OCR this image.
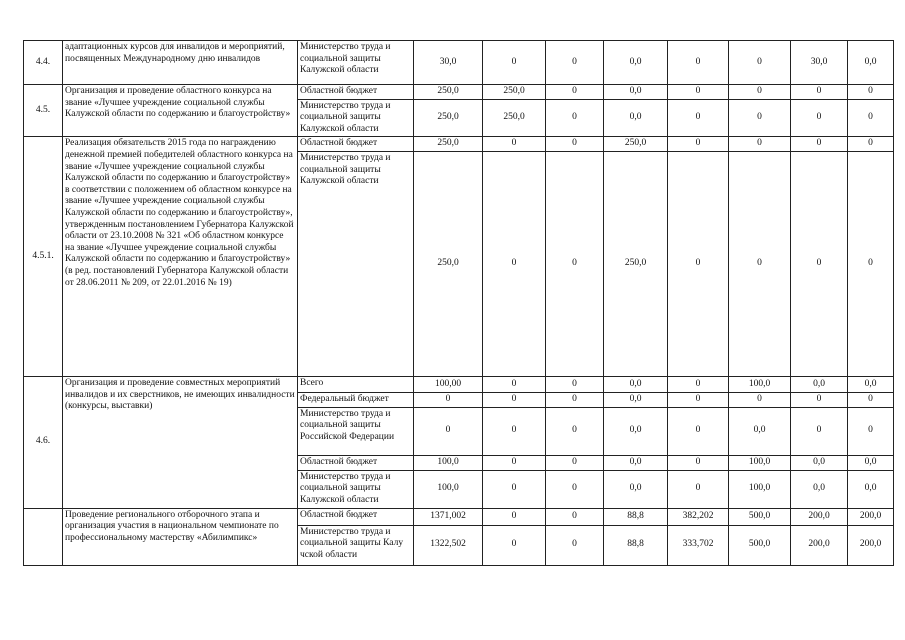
4.4.	адаптационных курсов для инвалидов и мероприятий, посвященных Международному дню инвалидов	Министерство труда и социальной защиты Калужской области	30,0	0	0	0,0	0	0	30,0	0,0
4.5.	Организация и проведение областного конкурса на звание «Лучшее учреждение социальной службы Калужской области по содержанию и благоустройству»	Областной бюджет	250,0	250,0	0	0,0	0	0	0	0
		Министерство труда и социальной защиты Калужской области	250,0	250,0	0	0,0	0	0	0	0
4.5.1.	Реализация обязательств 2015 года по награждению денежной премией победителей областного конкурса на звание «Лучшее учреждение социальной службы Калужской области по содержанию и благоустройству» в соответствии с положением об областном конкурсе на звание «Лучшее учреждение социальной службы Калужской области по содержанию и благоустройству», утвержденным постановлением Губернатора Калужской области от 23.10.2008 № 321 «Об областном конкурсе на звание «Лучшее учреждение социальной службы Калужской области по содержанию и благоустройству» (в ред. постановлений Губернатора Калужской области от 28.06.2011 № 209, от 22.01.2016 № 19)	Областной бюджет	250,0	0	0	250,0	0	0	0	0
		Министерство труда и социальной защиты Калужской области	250,0	0	0	250,0	0	0	0	0
4.6.	Организация и проведение совместных мероприятий инвалидов и их сверстников, не имеющих инвалидности (конкурсы, выставки)	Всего	100,00	0	0	0,0	0	100,0	0,0	0,0
		Федеральный бюджет	0	0	0	0,0	0	0	0	0
		Министерство труда и социальной защиты Российской Федерации	0	0	0	0,0	0	0,0	0	0
		Областной бюджет	100,0	0	0	0,0	0	100,0	0,0	0,0
		Министерство труда и социальной защиты Калужской области	100,0	0	0	0,0	0	100,0	0,0	0,0
	Проведение регионального отборочного этапа и организация участия в национальном чемпионате по профессиональному мастерству «Абилимпикс»	Областной бюджет	1371,002	0	0	88,8	382,202	500,0	200,0	200,0
		Министерство труда и социальной защиты Калу чской области	1322,502	0	0	88,8	333,702	500,0	200,0	200,0
